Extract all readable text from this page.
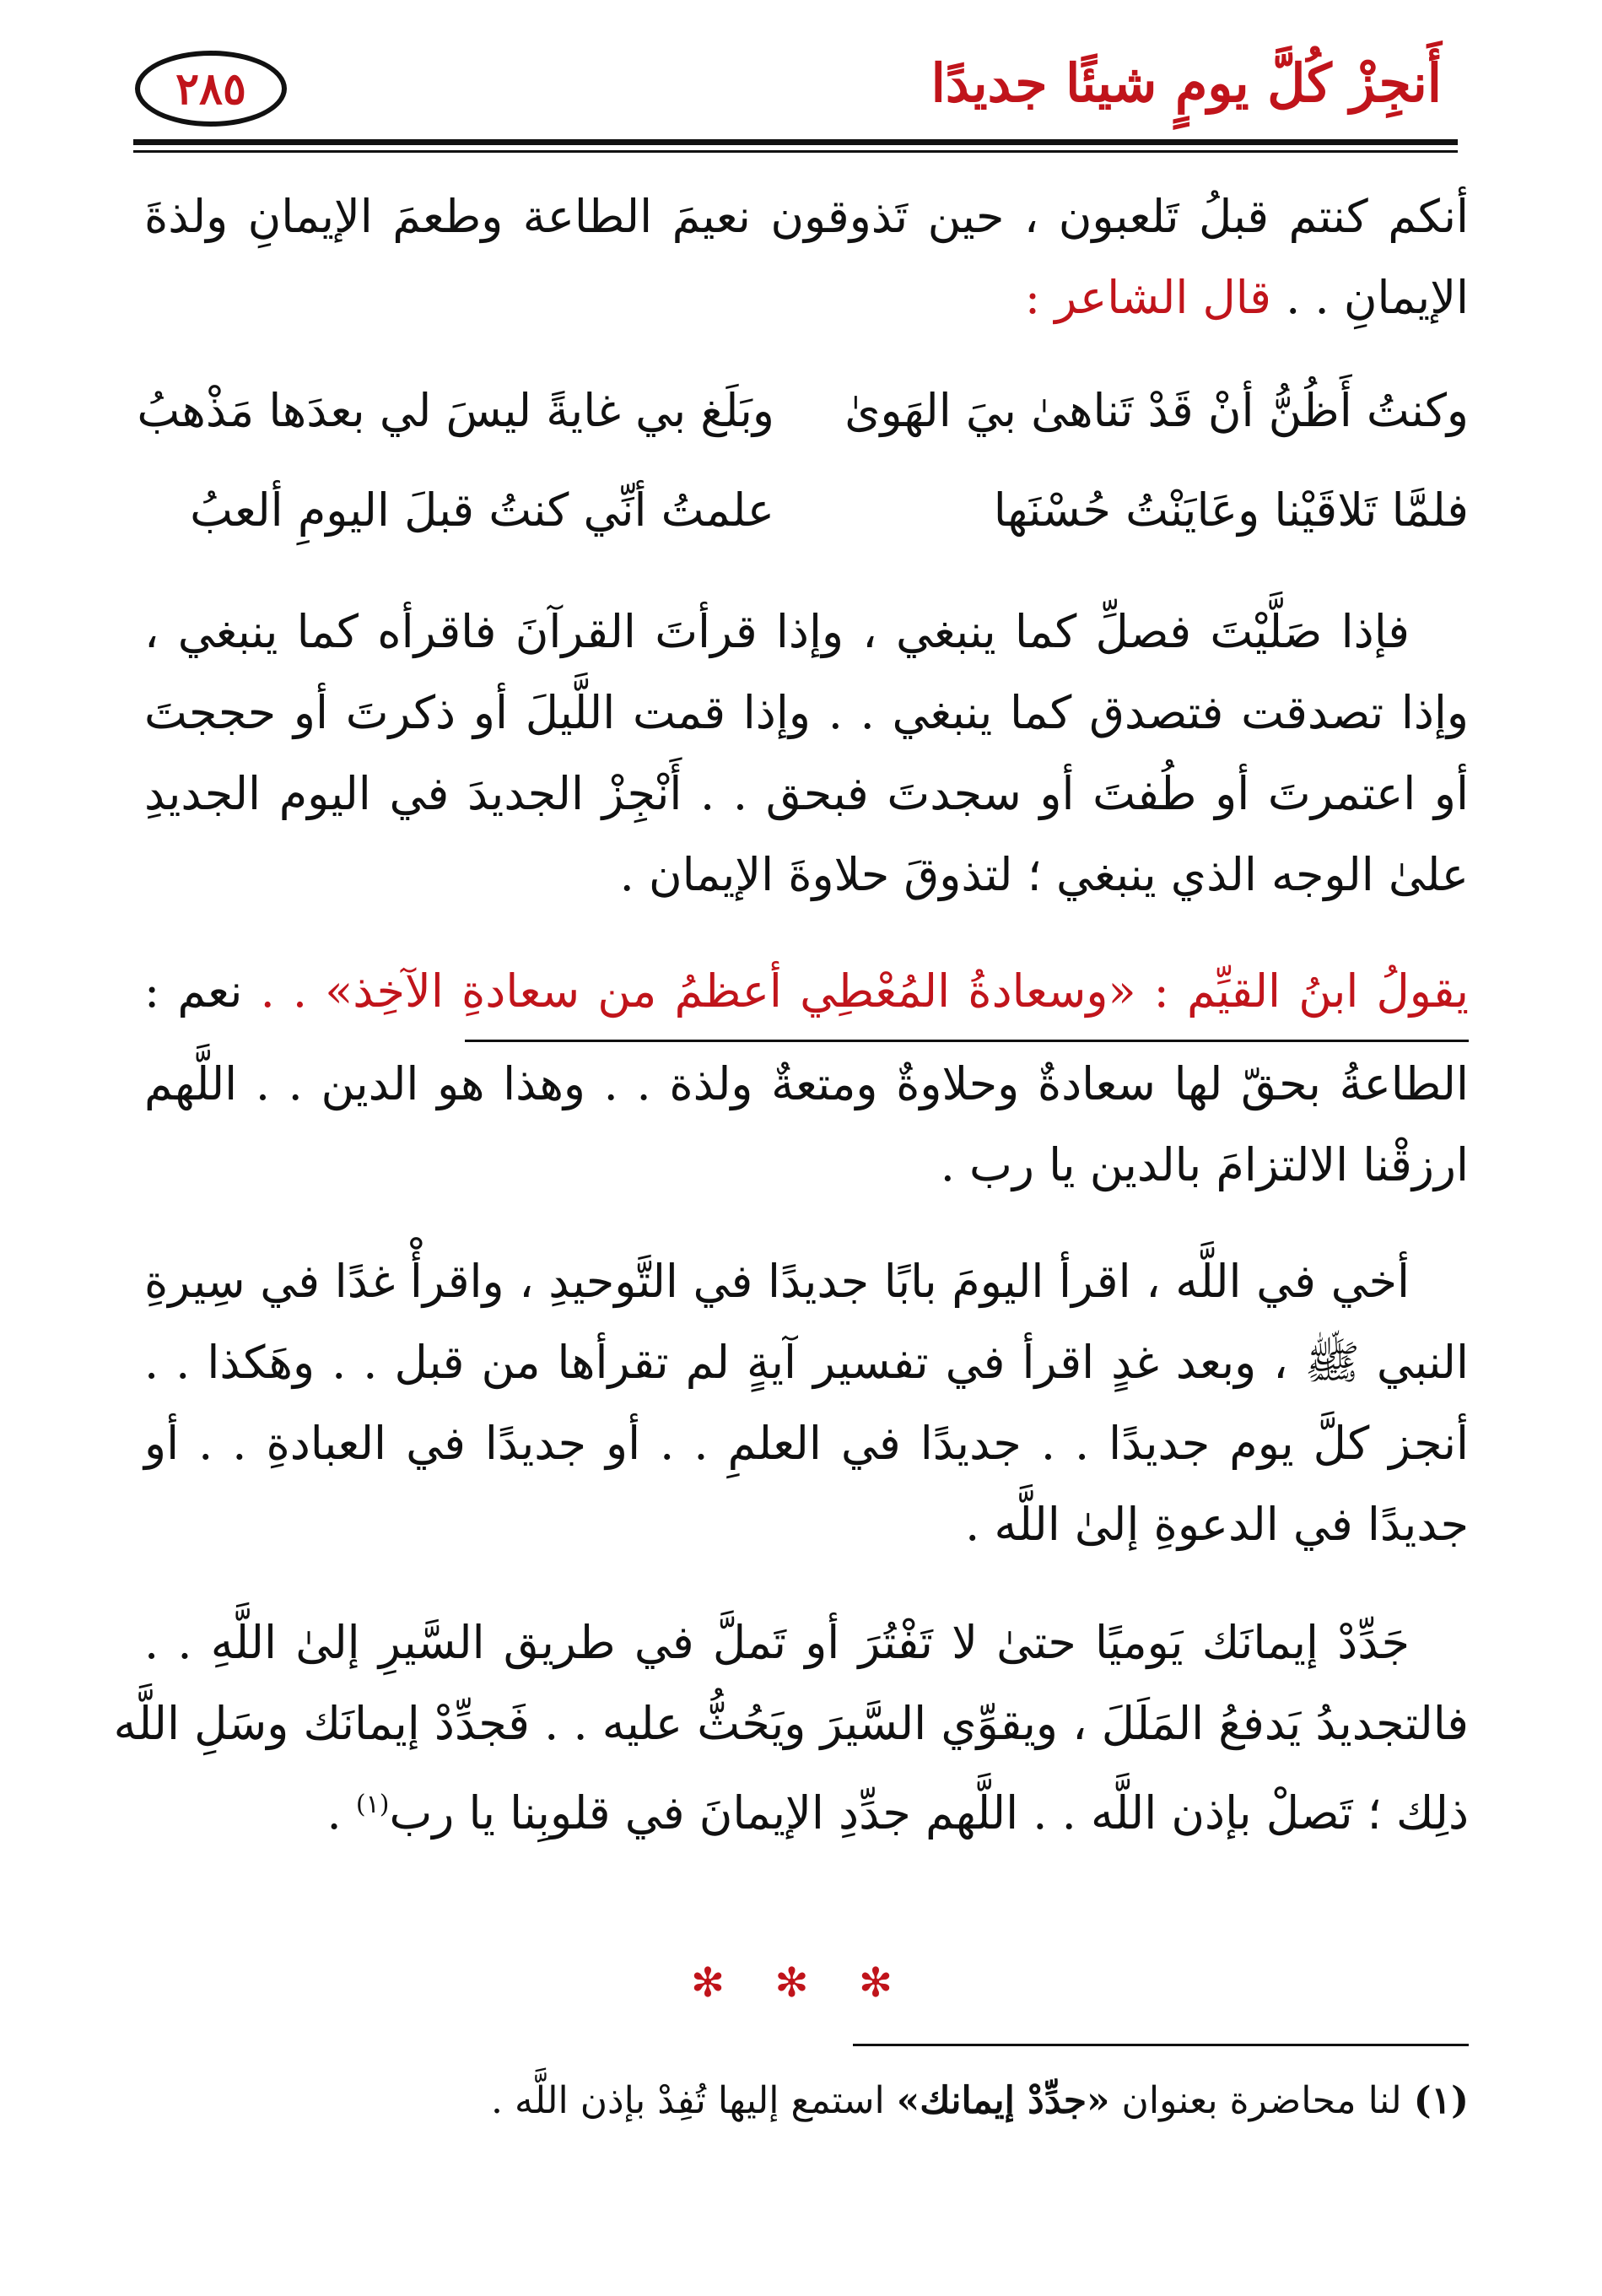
٢٨٥	أَنجِزْ كُلَّ يومٍ شيئًا جديدًا
أنكم كنتم قبلُ تَلعبون ، حين تَذوقون نعيمَ الطاعة وطعمَ الإيمانِ ولذةَ
الإيمانِ . . قال الشاعر :
وكنتُ أَظُنُّ أنْ قَدْ تَناهىٰ بيَ الهَوىٰ
وبَلَغ بي غايةً ليسَ لي بعدَها مَذْهبُ
فلمَّا تَلاقَيْنا وعَايَنْتُ حُسْنَها
علمتُ أنِّي كنتُ قبلَ اليومِ ألعبُ
فإذا صَلَّيْتَ فصلِّ كما ينبغي ، وإذا قرأتَ القرآنَ فاقرأه كما ينبغي ،
وإذا تصدقت فتصدق كما ينبغي . . وإذا قمت اللَّيلَ أو ذكرتَ أو حججتَ
أو اعتمرتَ أو طُفتَ أو سجدتَ فبحق . . أَنْجِزْ الجديدَ في اليوم الجديدِ
علىٰ الوجه الذي ينبغي ؛ لتذوقَ حلاوةَ الإيمان .
يقولُ ابنُ القيِّم : «وسعادةُ المُعْطِي أعظمُ من سعادةِ الآخِذ» . . نعم :
الطاعةُ بحقّ لها سعادةٌ وحلاوةٌ ومتعةٌ ولذة . . وهذا هو الدين . . اللَّهم
ارزقْنا الالتزامَ بالدين يا رب .
أخي في اللَّه ، اقرأ اليومَ بابًا جديدًا في التَّوحيدِ ، واقرأْ غدًا في سِيرةِ
النبي ﷺ ، وبعد غدٍ اقرأ في تفسير آيةٍ لم تقرأها من قبل . . وهَكذا . .
أنجز كلَّ يوم جديدًا . . جديدًا في العلمِ . . أو جديدًا في العبادةِ . . أو
جديدًا في الدعوةِ إلىٰ اللَّه .
جَدِّدْ إيمانَك يَوميًا حتىٰ لا تَفْتُرَ أو تَملَّ في طريق السَّيرِ إلىٰ اللَّهِ . .
فالتجديدُ يَدفعُ المَلَلَ ، ويقوِّي السَّيرَ ويَحُثُّ عليه . . فَجدِّدْ إيمانَك وسَلِ اللَّه
ذلِك ؛ تَصلْ بإذن اللَّه . . اللَّهم جدِّدِ الإيمانَ في قلوبِنا يا رب$^{(١)}$ .
✻ ✻ ✻
(١) لنا محاضرة بعنوان «جدِّدْ إيمانك» استمع إليها تُفِدْ بإذن اللَّه .
